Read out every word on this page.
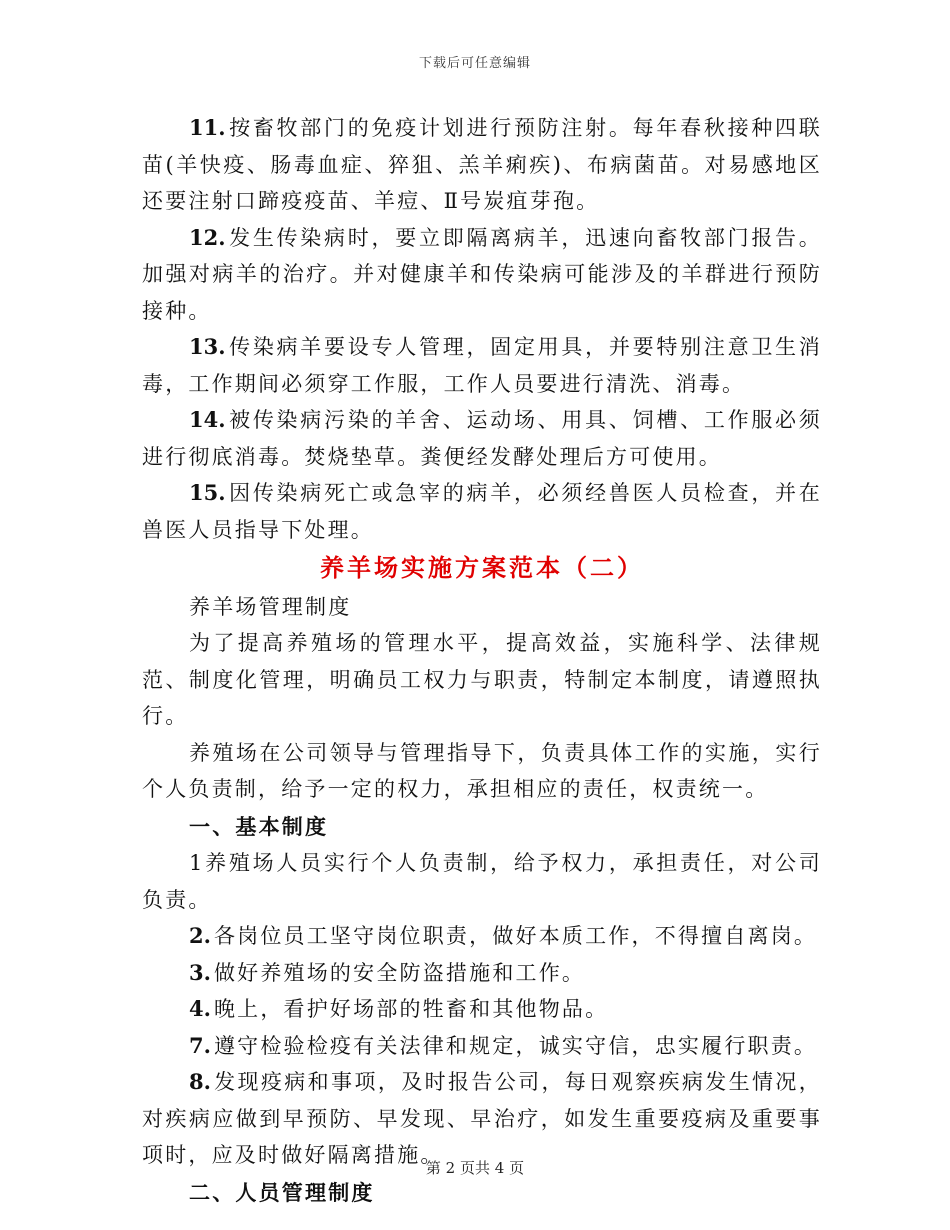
下载后可任意编辑

11. 按畜牧部门的免疫计划进行预防注射。每年春秋接种四联苗(羊快疫、肠毒血症、猝狙、羔羊痢疾)、布病菌苗。对易感地区还要注射口蹄疫疫苗、羊痘、Ⅱ号炭疽芽孢。

12. 发生传染病时，要立即隔离病羊，迅速向畜牧部门报告。加强对病羊的治疗。并对健康羊和传染病可能涉及的羊群进行预防接种。

13. 传染病羊要设专人管理，固定用具，并要特别注意卫生消毒，工作期间必须穿工作服，工作人员要进行清洗、消毒。

14. 被传染病污染的羊舍、运动场、用具、饲槽、工作服必须进行彻底消毒。焚烧垫草。粪便经发酵处理后方可使用。

15. 因传染病死亡或急宰的病羊，必须经兽医人员检查，并在兽医人员指导下处理。

养羊场实施方案范本（二）

养羊场管理制度

为了提高养殖场的管理水平，提高效益，实施科学、法律规范、制度化管理，明确员工权力与职责，特制定本制度，请遵照执行。

养殖场在公司领导与管理指导下，负责具体工作的实施，实行个人负责制，给予一定的权力，承担相应的责任，权责统一。

一、基本制度

1养殖场人员实行个人负责制，给予权力，承担责任，对公司负责。

2. 各岗位员工坚守岗位职责，做好本质工作，不得擅自离岗。

3. 做好养殖场的安全防盗措施和工作。

4. 晚上，看护好场部的牲畜和其他物品。

7. 遵守检验检疫有关法律和规定，诚实守信，忠实履行职责。

8. 发现疫病和事项，及时报告公司，每日观察疾病发生情况，对疾病应做到早预防、早发现、早治疗，如发生重要疫病及重要事项时，应及时做好隔离措施。

二、人员管理制度

第 2 页共 4 页
